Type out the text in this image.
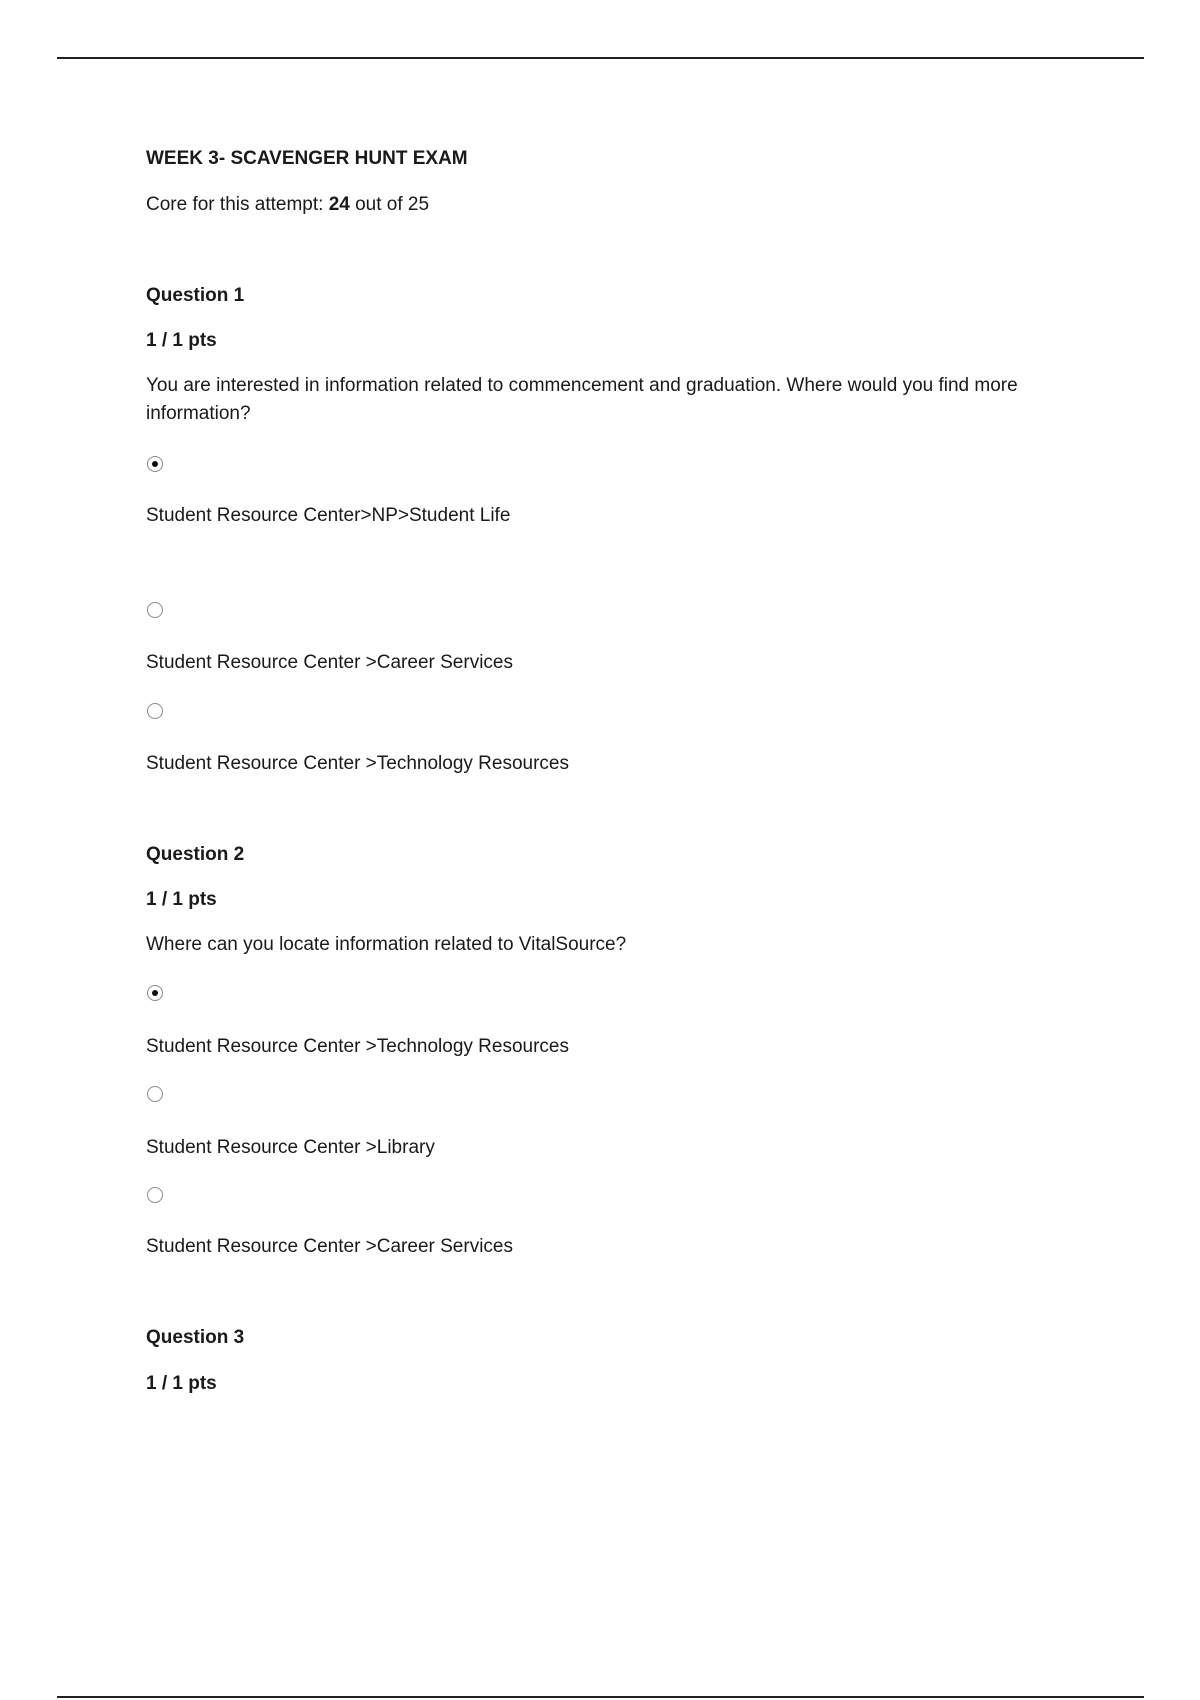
WEEK 3- SCAVENGER HUNT EXAM

Core for this attempt: 24 out of 25

Question 1

1 / 1 pts

You are interested in information related to commencement and graduation. Where would you find more information?

Student Resource Center>NP>Student Life

Student Resource Center >Career Services

Student Resource Center >Technology Resources

Question 2

1 / 1 pts

Where can you locate information related to VitalSource?

Student Resource Center >Technology Resources

Student Resource Center >Library

Student Resource Center >Career Services

Question 3

1 / 1 pts
